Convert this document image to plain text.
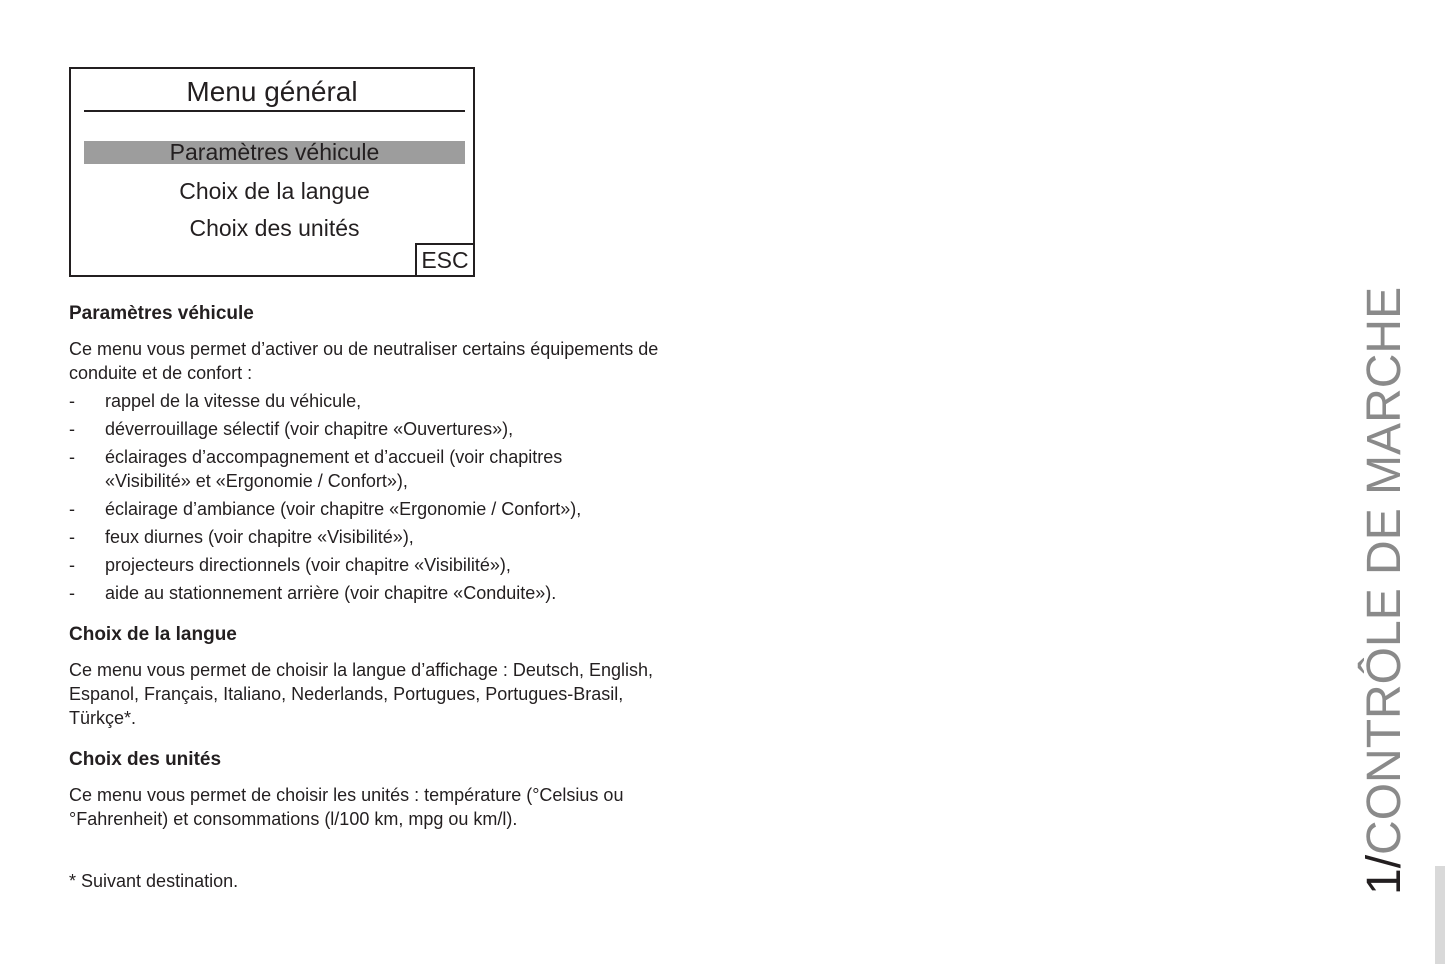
Menu général
Paramètres véhicule
Choix de la langue
Choix des unités
ESC
Paramètres véhicule
Ce menu vous permet d’activer ou de neutraliser certains équipements de conduite et de confort :
- rappel de la vitesse du véhicule,
- déverrouillage sélectif (voir chapitre «Ouvertures»),
- éclairages d’accompagnement et d’accueil (voir chapitres «Visibilité» et «Ergonomie / Confort»),
- éclairage d’ambiance (voir chapitre «Ergonomie / Confort»),
- feux diurnes (voir chapitre «Visibilité»),
- projecteurs directionnels (voir chapitre «Visibilité»),
- aide au stationnement arrière (voir chapitre «Conduite»).
Choix de la langue
Ce menu vous permet de choisir la langue d’affichage : Deutsch, English, Espanol, Français, Italiano, Nederlands, Portugues, Portugues-Brasil, Türkçe*.
Choix des unités
Ce menu vous permet de choisir les unités : température (°Celsius ou °Fahrenheit) et consommations (l/100 km, mpg ou km/l).
* Suivant destination.	1/CONTRÔLE DE MARCHE
